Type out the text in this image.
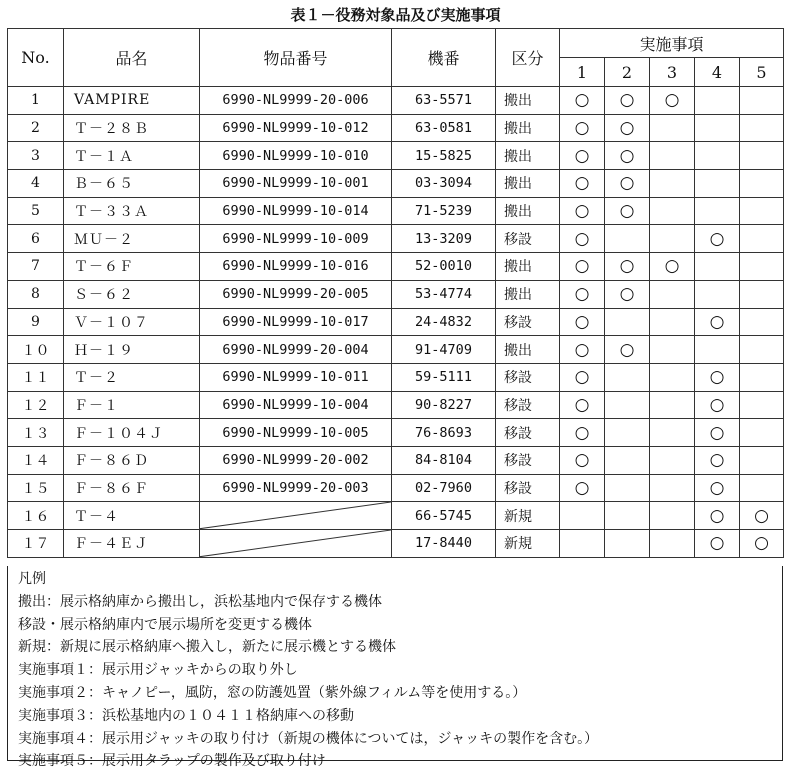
表１－役務対象品及び実施事項
No.	品名	物品番号	機番	区分	実施事項				
					1	2	3	4	5
1	VAMPIRE	6990-NL9999-20-006	63-5571	搬出	○	○	○		
2	Ｔ－２８Ｂ	6990-NL9999-10-012	63-0581	搬出	○	○			
3	Ｔ－１Ａ	6990-NL9999-10-010	15-5825	搬出	○	○			
4	Ｂ－６５	6990-NL9999-10-001	03-3094	搬出	○	○			
5	Ｔ－３３Ａ	6990-NL9999-10-014	71-5239	搬出	○	○			
6	ＭＵ－２	6990-NL9999-10-009	13-3209	移設	○			○	
7	Ｔ－６Ｆ	6990-NL9999-10-016	52-0010	搬出	○	○	○		
8	Ｓ－６２	6990-NL9999-20-005	53-4774	搬出	○	○			
9	Ｖ－１０７	6990-NL9999-10-017	24-4832	移設	○			○	
１０	Ｈ－１９	6990-NL9999-20-004	91-4709	搬出	○	○			
１１	Ｔ－２	6990-NL9999-10-011	59-5111	移設	○			○	
１２	Ｆ－１	6990-NL9999-10-004	90-8227	移設	○			○	
１３	Ｆ－１０４Ｊ	6990-NL9999-10-005	76-8693	移設	○			○	
１４	Ｆ－８６Ｄ	6990-NL9999-20-002	84-8104	移設	○			○	
１５	Ｆ－８６Ｆ	6990-NL9999-20-003	02-7960	移設	○			○	
１６	Ｔ－４		66-5745	新規				○	○
１７	Ｆ－４ＥＪ		17-8440	新規				○	○
凡例
搬出：展示格納庫から搬出し，浜松基地内で保存する機体
移設・展示格納庫内で展示場所を変更する機体
新規：新規に展示格納庫へ搬入し，新たに展示機とする機体
実施事項１：展示用ジャッキからの取り外し
実施事項２：キャノピー，風防，窓の防護処置（紫外線フィルム等を使用する。）
実施事項３：浜松基地内の１０４１１格納庫への移動
実施事項４：展示用ジャッキの取り付け（新規の機体については，ジャッキの製作を含む。）
実施事項５：展示用タラップの製作及び取り付け
